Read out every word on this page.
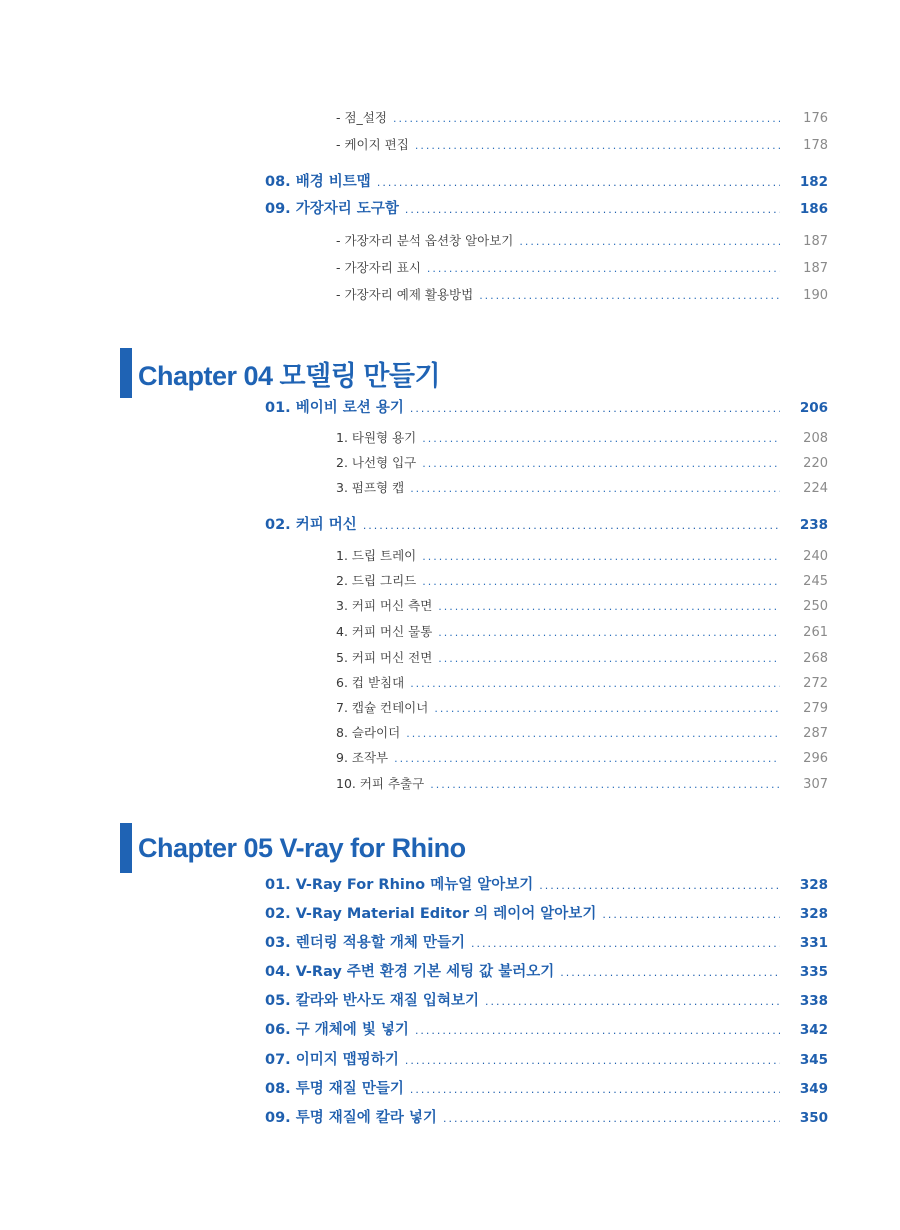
- 점_설정 .....	176
- 케이지 편집 .....	178
08. 배경 비트맵 .....	182
09. 가장자리 도구함 .....	186
- 가장자리 분석 옵션창 알아보기 .....	187
- 가장자리 표시 .....	187
- 가장자리 예제 활용방법 .....	190
Chapter 04 모델링 만들기
01. 베이비 로션 용기 .....	206
1. 타원형 용기 .....	208
2. 나선형 입구 .....	220
3. 펌프형 캡 .....	224
02. 커피 머신 .....	238
1. 드립 트레이 .....	240
2. 드립 그리드 .....	245
3. 커피 머신 측면 .....	250
4. 커피 머신 물통 .....	261
5. 커피 머신 전면 .....	268
6. 컵 받침대 .....	272
7. 캡슐 컨테이너 .....	279
8. 슬라이더 .....	287
9. 조작부 .....	296
10. 커피 추출구 .....	307
Chapter 05 V-ray for Rhino
01. V-Ray For Rhino 메뉴얼 알아보기 .....	328
02. V-Ray Material Editor 의 레이어 알아보기 .....	328
03. 렌더링 적용할 개체 만들기 .....	331
04. V-Ray 주변 환경 기본 세팅 값 불러오기 .....	335
05. 칼라와 반사도 재질 입혀보기 .....	338
06. 구 개체에 빛 넣기 .....	342
07. 이미지 맵핑하기 .....	345
08. 투명 재질 만들기 .....	349
09. 투명 재질에 칼라 넣기 .....	350
